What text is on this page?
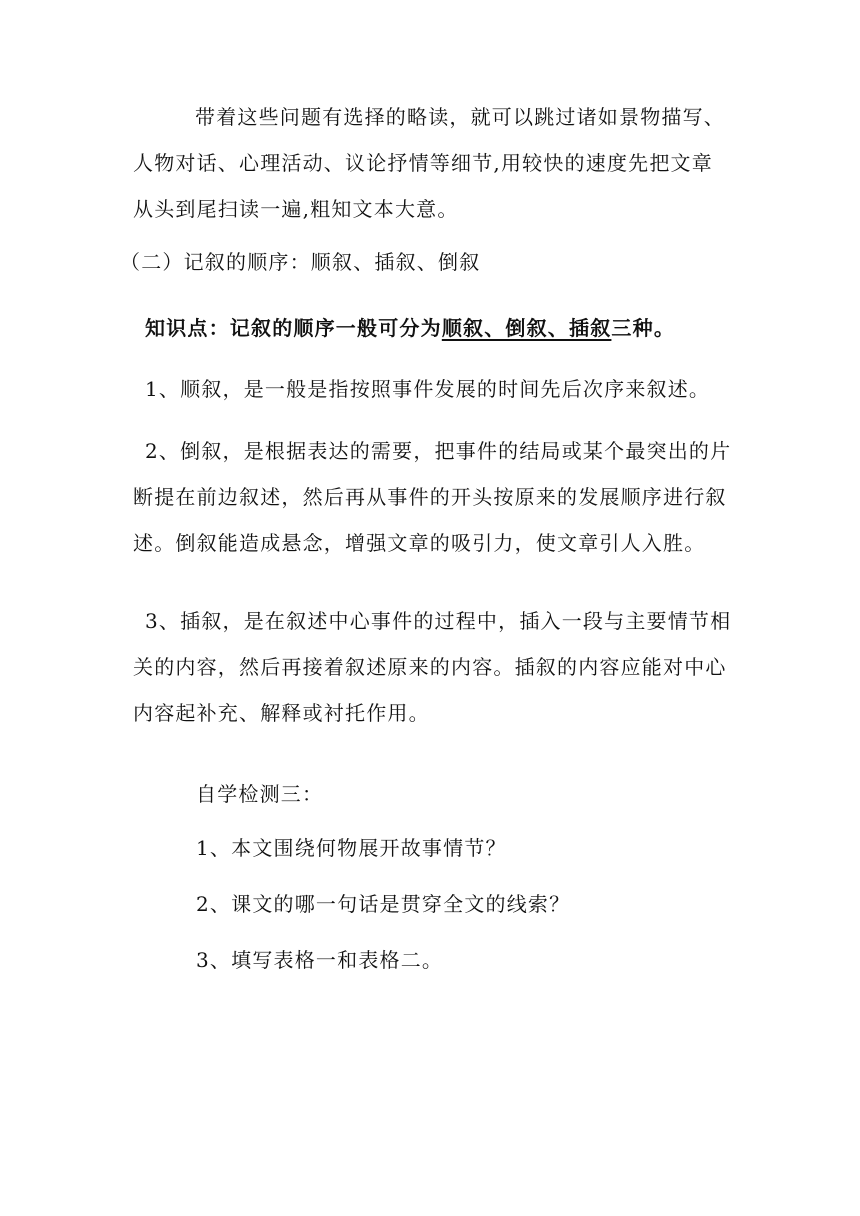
带着这些问题有选择的略读，就可以跳过诸如景物描写、人物对话、心理活动、议论抒情等细节,用较快的速度先把文章从头到尾扫读一遍,粗知文本大意。

（二）记叙的顺序：顺叙、插叙、倒叙

知识点：记叙的顺序一般可分为顺叙、倒叙、插叙三种。

1、顺叙，是一般是指按照事件发展的时间先后次序来叙述。

2、倒叙，是根据表达的需要，把事件的结局或某个最突出的片断提在前边叙述，然后再从事件的开头按原来的发展顺序进行叙述。倒叙能造成悬念，增强文章的吸引力，使文章引人入胜。

3、插叙，是在叙述中心事件的过程中，插入一段与主要情节相关的内容，然后再接着叙述原来的内容。插叙的内容应能对中心内容起补充、解释或衬托作用。

自学检测三：

1、本文围绕何物展开故事情节？

2、课文的哪一句话是贯穿全文的线索？

3、填写表格一和表格二。
